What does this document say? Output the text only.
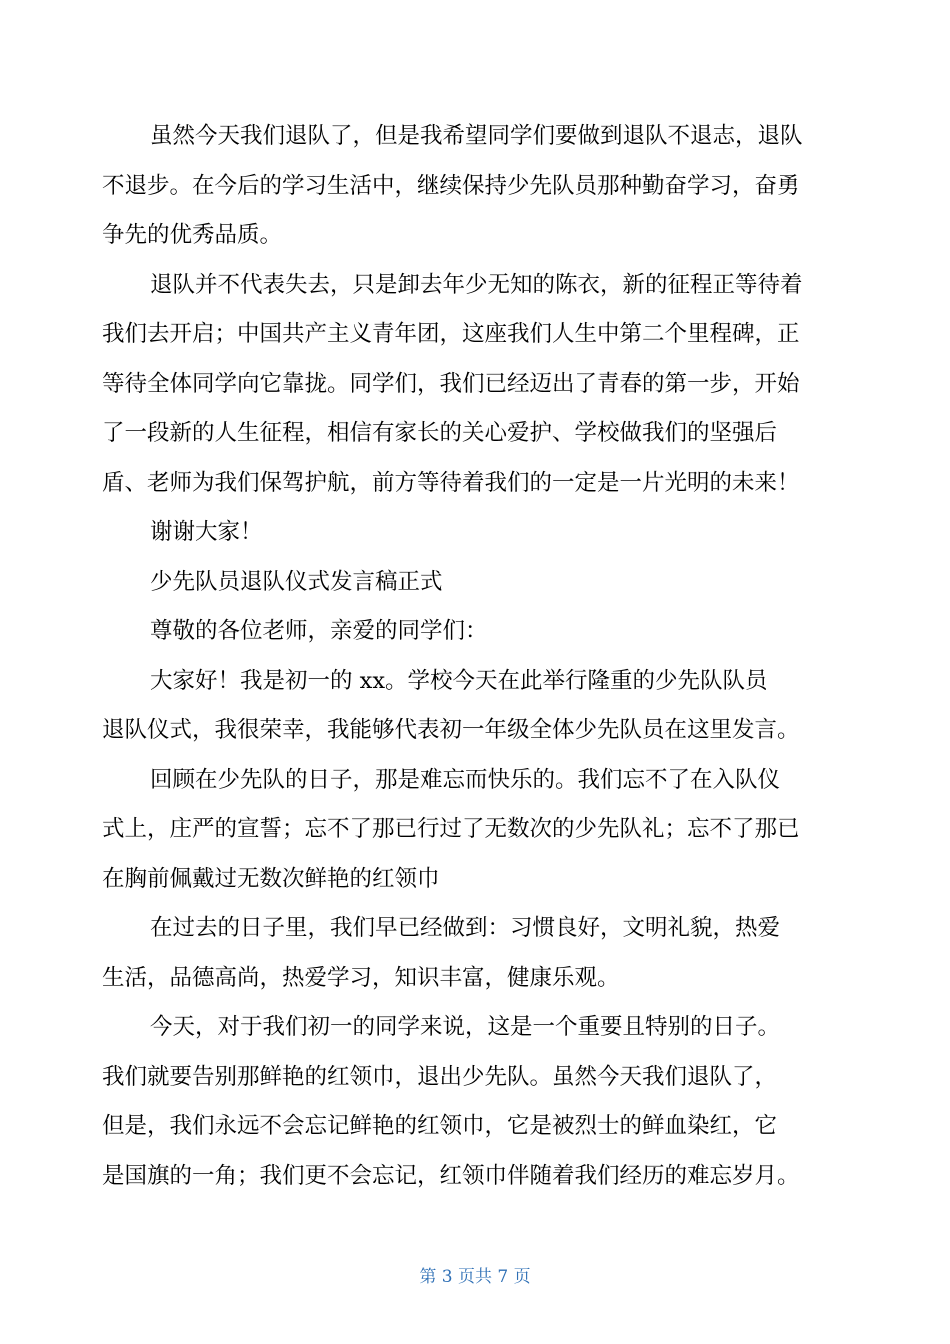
虽然今天我们退队了，但是我希望同学们要做到退队不退志，退队
不退步。在今后的学习生活中，继续保持少先队员那种勤奋学习，奋勇
争先的优秀品质。
退队并不代表失去，只是卸去年少无知的陈衣，新的征程正等待着
我们去开启；中国共产主义青年团，这座我们人生中第二个里程碑，正
等待全体同学向它靠拢。同学们，我们已经迈出了青春的第一步，开始
了一段新的人生征程，相信有家长的关心爱护、学校做我们的坚强后
盾、老师为我们保驾护航，前方等待着我们的一定是一片光明的未来！
谢谢大家！
少先队员退队仪式发言稿正式
尊敬的各位老师，亲爱的同学们：
大家好！我是初一的 xx。学校今天在此举行隆重的少先队队员
退队仪式，我很荣幸，我能够代表初一年级全体少先队员在这里发言。
回顾在少先队的日子，那是难忘而快乐的。我们忘不了在入队仪
式上，庄严的宣誓；忘不了那已行过了无数次的少先队礼；忘不了那已
在胸前佩戴过无数次鲜艳的红领巾
在过去的日子里，我们早已经做到：习惯良好，文明礼貌，热爱
生活，品德高尚，热爱学习，知识丰富，健康乐观。
今天，对于我们初一的同学来说，这是一个重要且特别的日子。
我们就要告别那鲜艳的红领巾，退出少先队。虽然今天我们退队了，
但是，我们永远不会忘记鲜艳的红领巾，它是被烈士的鲜血染红，它
是国旗的一角；我们更不会忘记，红领巾伴随着我们经历的难忘岁月。
第 3 页共 7 页
